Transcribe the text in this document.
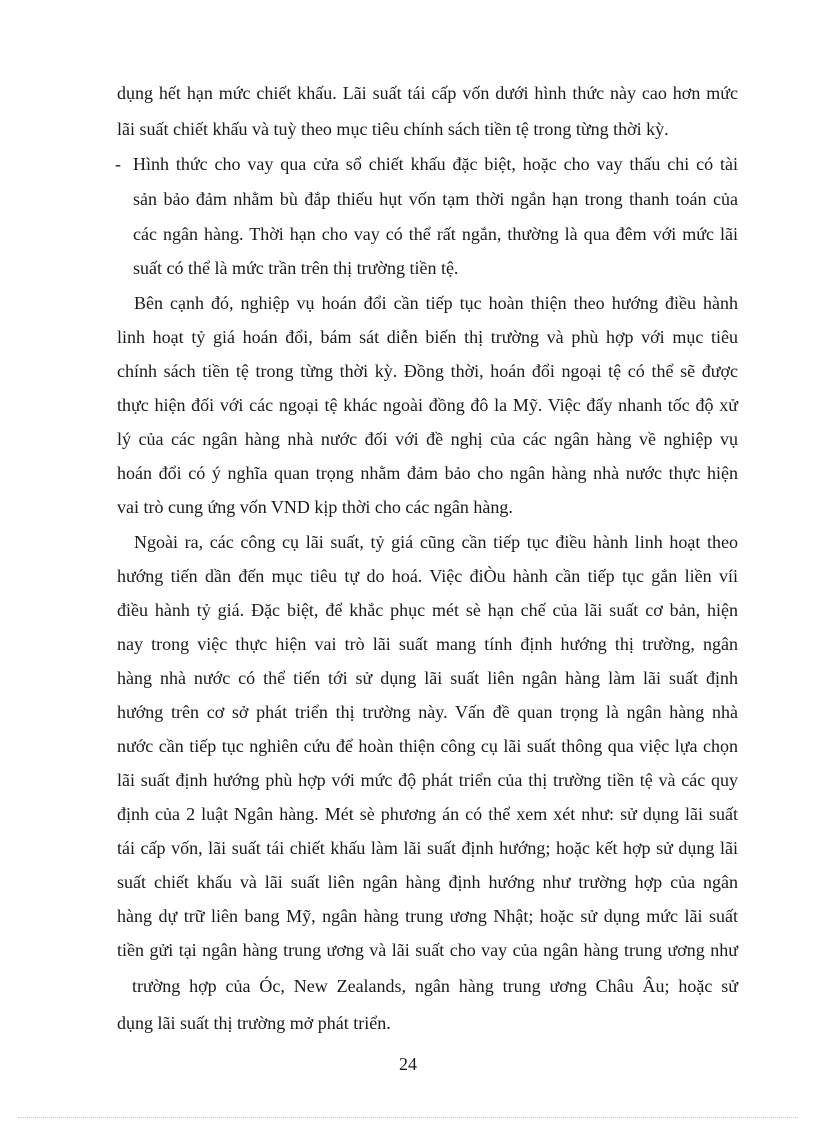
dụng hết hạn mức chiết khấu. Lãi suất tái cấp vốn dưới hình thức này cao hơn mức
lãi suất chiết khấu và tuỳ theo mục tiêu chính sách tiền tệ trong từng thời kỳ.
- Hình thức cho vay qua cửa sổ chiết khấu đặc biệt, hoặc cho vay thấu chi có tài
sản bảo đảm nhằm bù đắp thiếu hụt vốn tạm thời ngắn hạn trong thanh toán của
các ngân hàng. Thời hạn cho vay có thể rất ngắn, thường là qua đêm với mức lãi
suất có thể là mức trần trên thị trường tiền tệ.
Bên cạnh đó, nghiệp vụ hoán đổi cần tiếp tục hoàn thiện theo hướng điều hành
linh hoạt tỷ giá hoán đổi, bám sát diễn biến thị trường và phù hợp với mục tiêu
chính sách tiền tệ trong từng thời kỳ. Đồng thời, hoán đổi ngoại tệ có thể sẽ được
thực hiện đối với các ngoại tệ khác ngoài đồng đô la Mỹ. Việc đẩy nhanh tốc độ xử
lý của các ngân hàng nhà nước đối với đề nghị của các ngân hàng về nghiệp vụ
hoán đổi có ý nghĩa quan trọng nhằm đảm bảo cho ngân hàng nhà nước thực hiện
vai trò cung ứng vốn VND kịp thời cho các ngân hàng.
Ngoài ra, các công cụ lãi suất, tỷ giá cũng cần tiếp tục điều hành linh hoạt theo
hướng tiến dần đến mục tiêu tự do hoá. Việc điÒu hành cần tiếp tục gắn liền víi
điều hành tỷ giá. Đặc biệt, để khắc phục mét sè hạn chế của lãi suất cơ bản, hiện
nay trong việc thực hiện vai trò lãi suất mang tính định hướng thị trường, ngân
hàng nhà nước có thể tiến tới sử dụng lãi suất liên ngân hàng làm lãi suất định
hướng trên cơ sở phát triển thị trường này. Vấn đề quan trọng là ngân hàng nhà
nước cần tiếp tục nghiên cứu để hoàn thiện công cụ lãi suất thông qua việc lựa chọn
lãi suất định hướng phù hợp với mức độ phát triển của thị trường tiền tệ và các quy
định của 2 luật Ngân hàng. Mét sè phương án có thể xem xét như: sử dụng lãi suất
tái cấp vốn, lãi suất tái chiết khấu làm lãi suất định hướng; hoặc kết hợp sử dụng lãi
suất chiết khấu và lãi suất liên ngân hàng định hướng như trường hợp của ngân
hàng dự trữ liên bang Mỹ, ngân hàng trung ương Nhật; hoặc sử dụng mức lãi suất
tiền gửi tại ngân hàng trung ương và lãi suất cho vay của ngân hàng trung ương như
trường hợp của Óc, New Zealands, ngân hàng trung ương Châu Âu; hoặc sử
dụng lãi suất thị trường mở phát triển.
24
